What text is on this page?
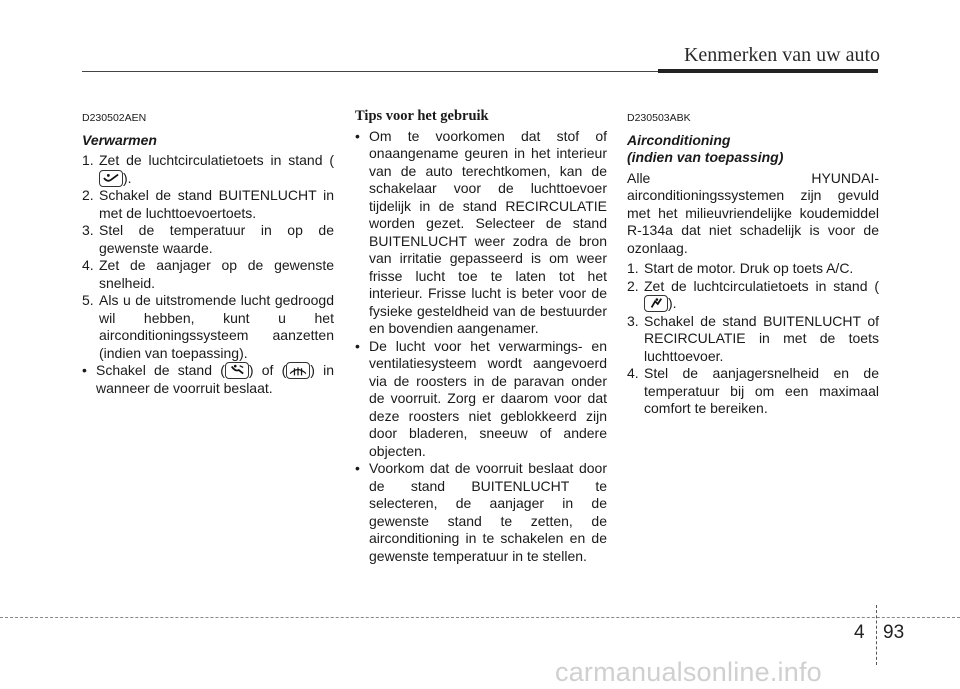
Kenmerken van uw auto

D230502AEN

Verwarmen

1. Zet de luchtcirculatietoets in stand (
).
2. Schakel de stand BUITENLUCHT in met de luchttoevoertoets.
3. Stel de temperatuur in op de gewenste waarde.
4. Zet de aanjager op de gewenste snelheid.
5. Als u de uitstromende lucht gedroogd wil hebben, kunt u het airconditioningssysteem aanzetten (indien van toepassing).
• Schakel de stand ( ) of ( ) in wanneer de voorruit beslaat.

Tips voor het gebruik

• Om te voorkomen dat stof of onaangename geuren in het interieur van de auto terechtkomen, kan de schakelaar voor de luchttoevoer tijdelijk in de stand RECIRCULATIE worden gezet. Selecteer de stand BUITENLUCHT weer zodra de bron van irritatie gepasseerd is om weer frisse lucht toe te laten tot het interieur. Frisse lucht is beter voor de fysieke gesteldheid van de bestuurder en bovendien aangenamer.
• De lucht voor het verwarmings- en ventilatiesysteem wordt aangevoerd via de roosters in de paravan onder de voorruit. Zorg er daarom voor dat deze roosters niet geblokkeerd zijn door bladeren, sneeuw of andere objecten.
• Voorkom dat de voorruit beslaat door de stand BUITENLUCHT te selecteren, de aanjager in de gewenste stand te zetten, de airconditioning in te schakelen en de gewenste temperatuur in te stellen.

D230503ABK

Airconditioning

(indien van toepassing)

Alle HYUNDAI-airconditioningssystemen zijn gevuld met het milieuvriendelijke koudemiddel R-134a dat niet schadelijk is voor de ozonlaag.

1. Start de motor. Druk op toets A/C.
2. Zet de luchtcirculatietoets in stand (
).
3. Schakel de stand BUITENLUCHT of RECIRCULATIE in met de toets luchttoevoer.
4. Stel de aanjagersnelheid en de temperatuur bij om een maximaal comfort te bereiken.
4 93
carmanualsonline.info
